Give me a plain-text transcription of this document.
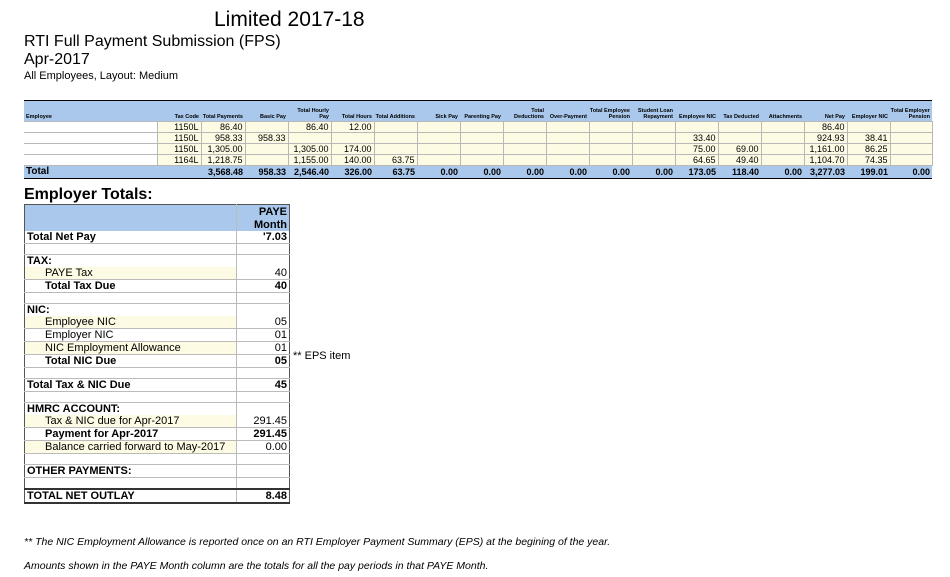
Limited 2017-18
RTI Full Payment Submission (FPS)
Apr-2017
All Employees, Layout: Medium
Employee	Tax Code	Total Payments	Basic Pay	Total Hourly Pay	Total Hours	Total Additions	Sick Pay	Parenting Pay	Total Deductions	Over-Payment	Total Employee Pension	Student Loan Repayment	Employee NIC	Tax Deducted	Attachments	Net Pay	Employer NIC	Total Employer Pension
	1150L	86.40		86.40	12.00											86.40		
	1150L	958.33	958.33										33.40			924.93	38.41	
	1150L	1,305.00		1,305.00	174.00								75.00	69.00		1,161.00	86.25	
	1164L	1,218.75		1,155.00	140.00	63.75							64.65	49.40		1,104.70	74.35	
Total		3,568.48	958.33	2,546.40	326.00	63.75	0.00	0.00	0.00	0.00	0.00	0.00	173.05	118.40	0.00	3,277.03	199.01	0.00
Employer Totals:
	PAYE
	Month
Total Net Pay	'7.03

TAX:	
PAYE Tax	40
Total Tax Due	40

NIC:	
Employee NIC	05
Employer NIC	01
NIC Employment Allowance	01
Total NIC Due	05

Total Tax & NIC Due	45

HMRC ACCOUNT:	
Tax & NIC due for Apr-2017	291.45
Payment for Apr-2017	291.45
Balance carried forward to May-2017	0.00

OTHER PAYMENTS:	

TOTAL NET OUTLAY	8.48
** EPS item
** The NIC Employment Allowance is reported once on an RTI Employer Payment Summary (EPS) at the begining of the year.
Amounts shown in the PAYE Month column are the totals for all the pay periods in that PAYE Month.
